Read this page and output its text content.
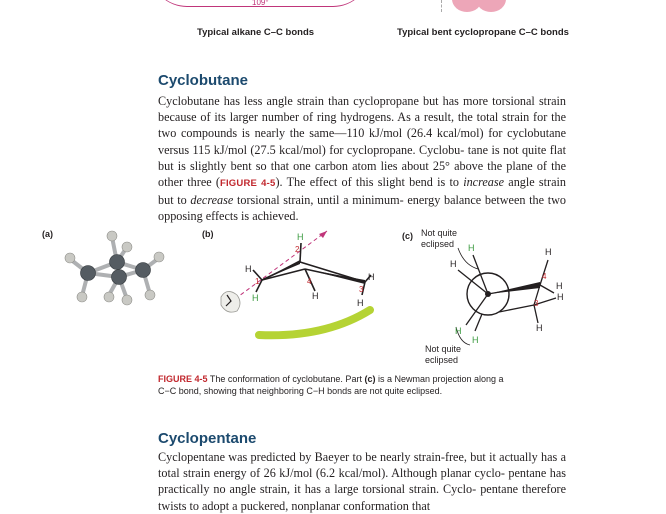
109°
Typical alkane C–C bonds	Typical bent cyclopropane C–C bonds
Cyclobutane

Cyclobutane has less angle strain than cyclopropane but has more torsional strain because of its larger number of ring hydrogens. As a result, the total strain for the two compounds is nearly the same—110 kJ/mol (26.4 kcal/mol) for cyclobutane versus 115 kJ/mol (27.5 kcal/mol) for cyclopropane. Cyclobu- tane is not quite flat but is slightly bent so that one carbon atom lies about 25° above the plane of the other three (FIGURE 4-5). The effect of this slight bend is to increase angle strain but to decrease torsional strain, until a minimum- energy balance between the two opposing effects is achieved.

(a)	(b)	(c)
H
2
H
1
H
4
H
H
3
H
Not quite
eclipsed
Not quite
eclipsed
H
H
H
4
H
H
3
H
H
H

FIGURE 4-5 The conformation of cyclobutane. Part (c) is a Newman projection along a
C−C bond, showing that neighboring C−H bonds are not quite eclipsed.

Cyclopentane

Cyclopentane was predicted by Baeyer to be nearly strain-free, but it actually has a total strain energy of 26 kJ/mol (6.2 kcal/mol). Although planar cyclo- pentane has practically no angle strain, it has a large torsional strain. Cyclo- pentane therefore twists to adopt a puckered, nonplanar conformation that
